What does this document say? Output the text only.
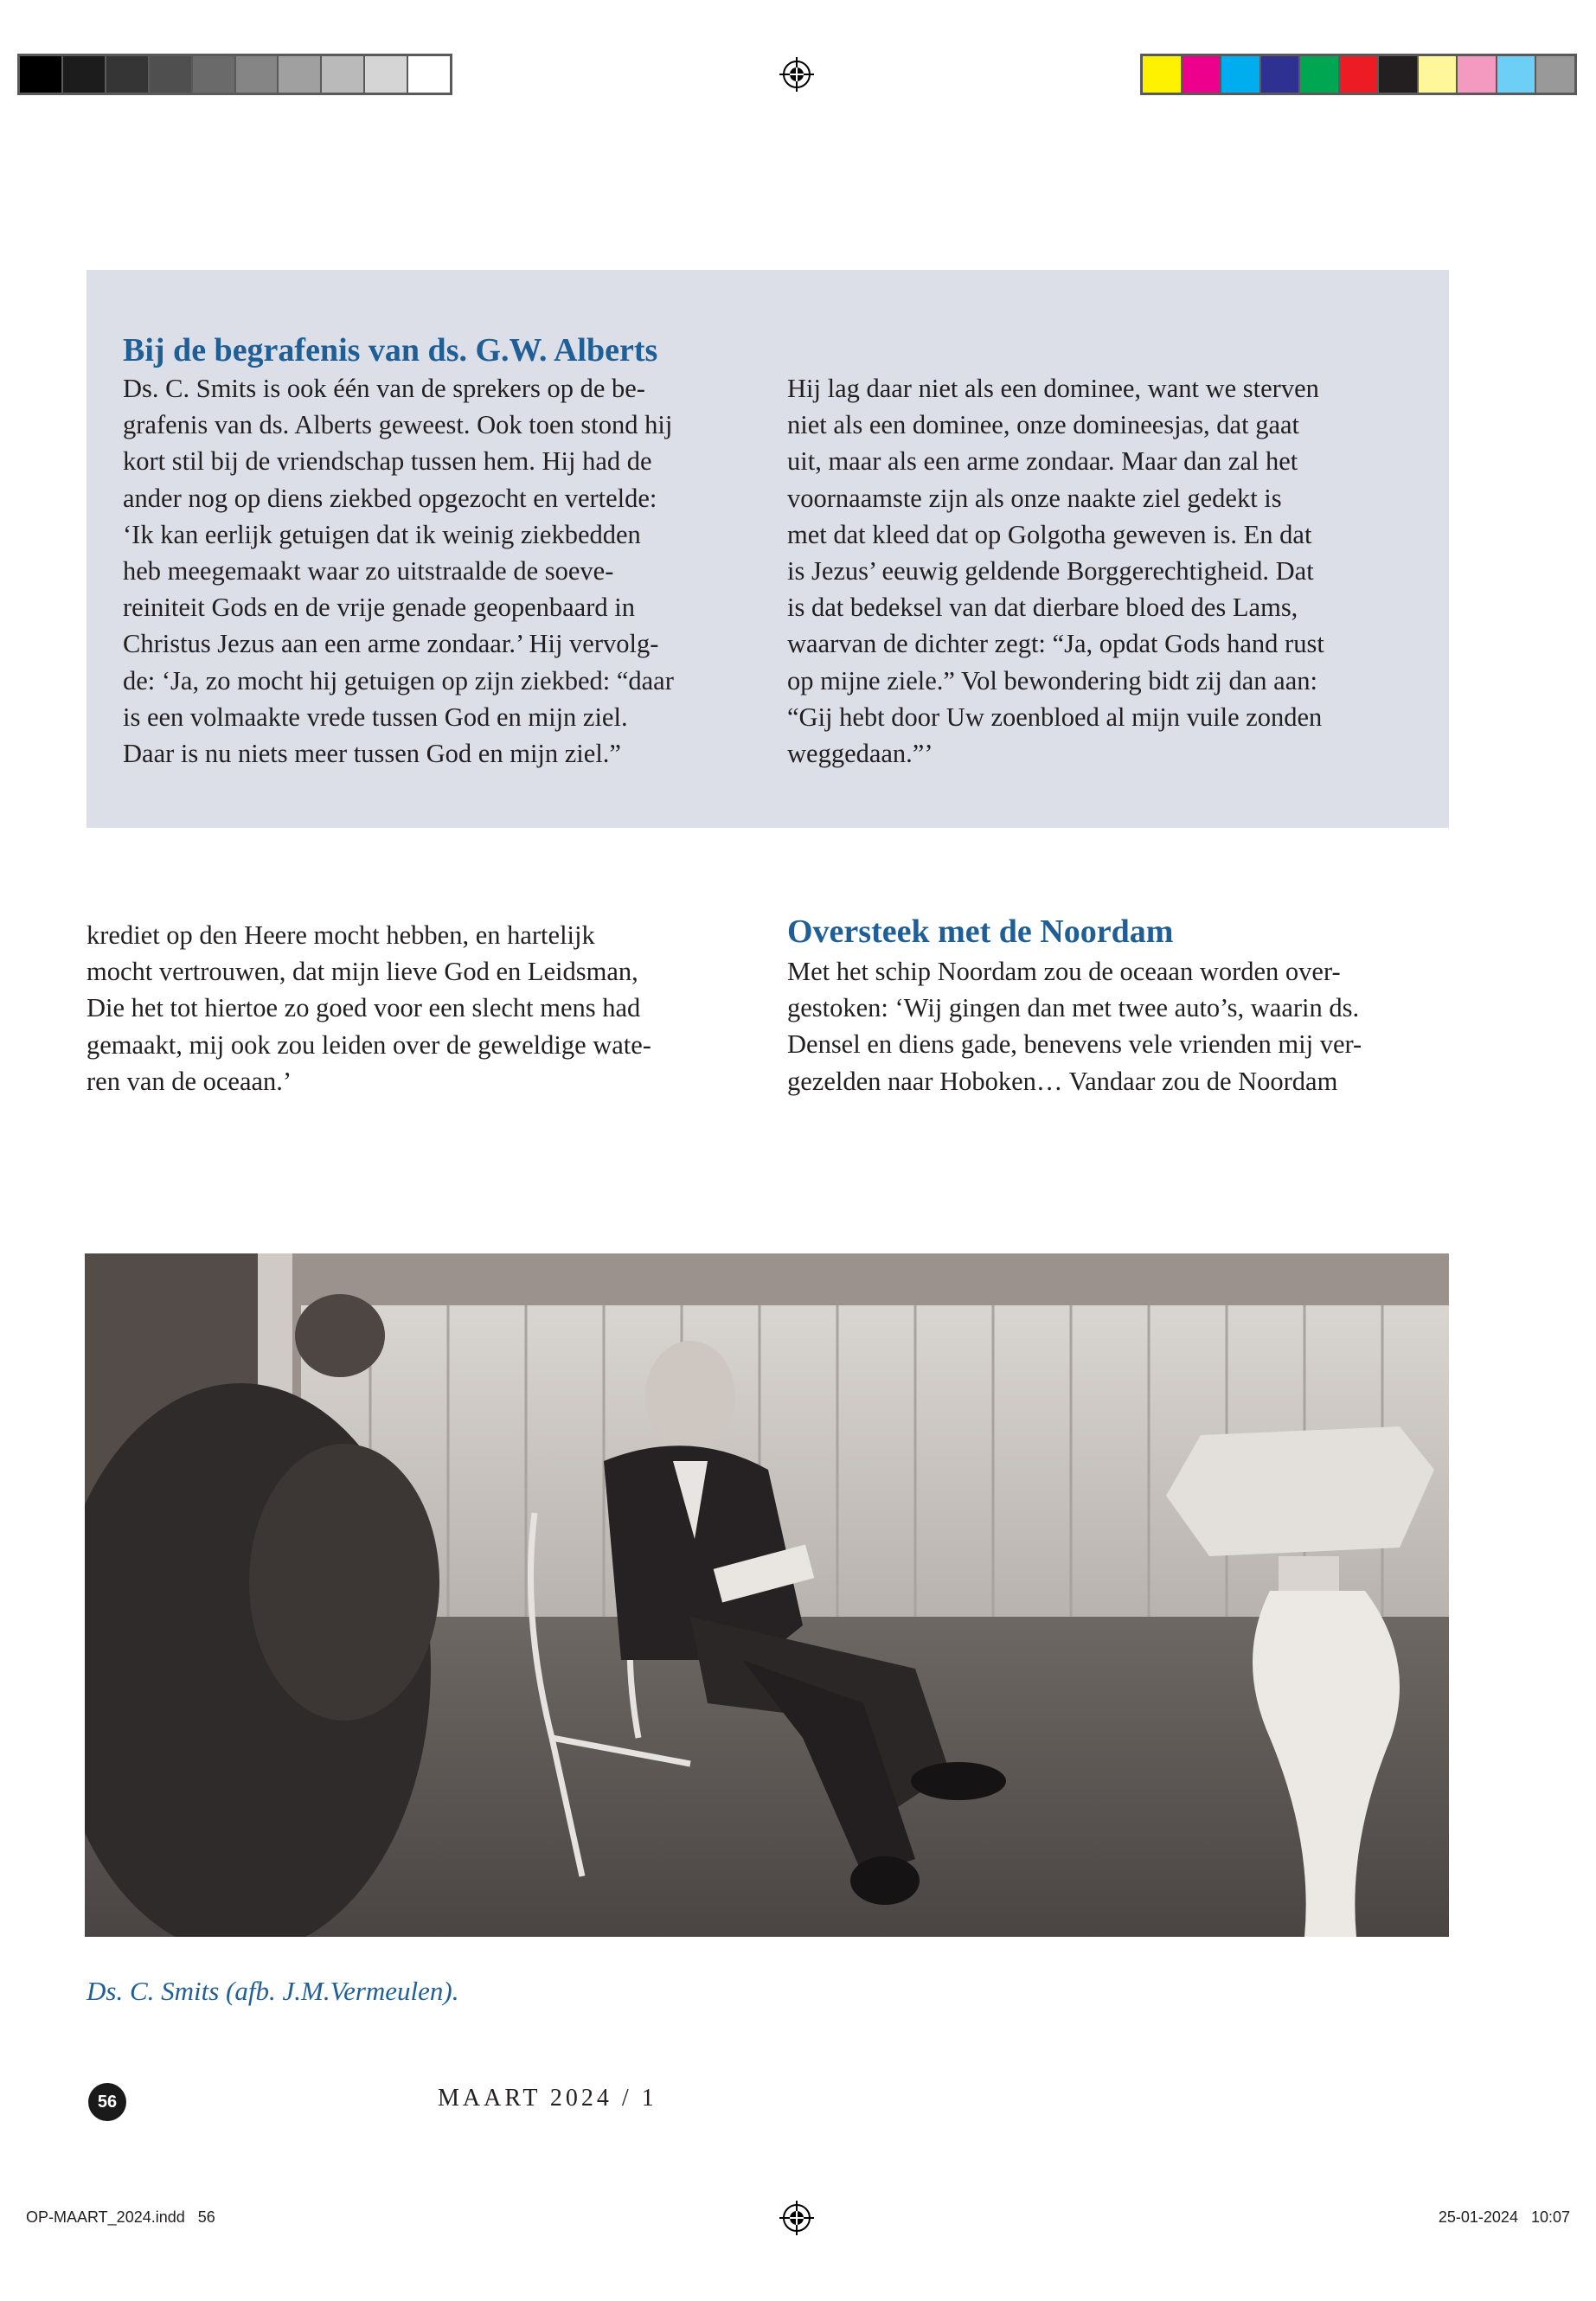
Bij de begrafenis van ds. G.W. Alberts
Ds. C. Smits is ook één van de sprekers op de be-
grafenis van ds. Alberts geweest. Ook toen stond hij
kort stil bij de vriendschap tussen hem. Hij had de
ander nog op diens ziekbed opgezocht en vertelde:
‘Ik kan eerlijk getuigen dat ik weinig ziekbedden
heb meegemaakt waar zo uitstraalde de soeve-
reiniteit Gods en de vrije genade geopenbaard in
Christus Jezus aan een arme zondaar.’ Hij vervolg-
de: ‘Ja, zo mocht hij getuigen op zijn ziekbed: “daar
is een volmaakte vrede tussen God en mijn ziel.
Daar is nu niets meer tussen God en mijn ziel.”
Hij lag daar niet als een dominee, want we sterven
niet als een dominee, onze domineesjas, dat gaat
uit, maar als een arme zondaar. Maar dan zal het
voornaamste zijn als onze naakte ziel gedekt is
met dat kleed dat op Golgotha geweven is. En dat
is Jezus’ eeuwig geldende Borggerechtigheid. Dat
is dat bedeksel van dat dierbare bloed des Lams,
waarvan de dichter zegt: “Ja, opdat Gods hand rust
op mijne ziele.” Vol bewondering bidt zij dan aan:
“Gij hebt door Uw zoenbloed al mijn vuile zonden
weggedaan.”’
krediet op den Heere mocht hebben, en hartelijk
mocht vertrouwen, dat mijn lieve God en Leidsman,
Die het tot hiertoe zo goed voor een slecht mens had
gemaakt, mij ook zou leiden over de geweldige wate-
ren van de oceaan.’
Oversteek met de Noordam
Met het schip Noordam zou de oceaan worden over-
gestoken: ‘Wij gingen dan met twee auto’s, waarin ds.
Densel en diens gade, benevens vele vrienden mij ver-
gezelden naar Hoboken… Vandaar zou de Noordam
Ds. C. Smits (afb. J.M.Vermeulen).
56	MAART 2024 / 1
OP-MAART_2024.indd   56	25-01-2024   10:07
